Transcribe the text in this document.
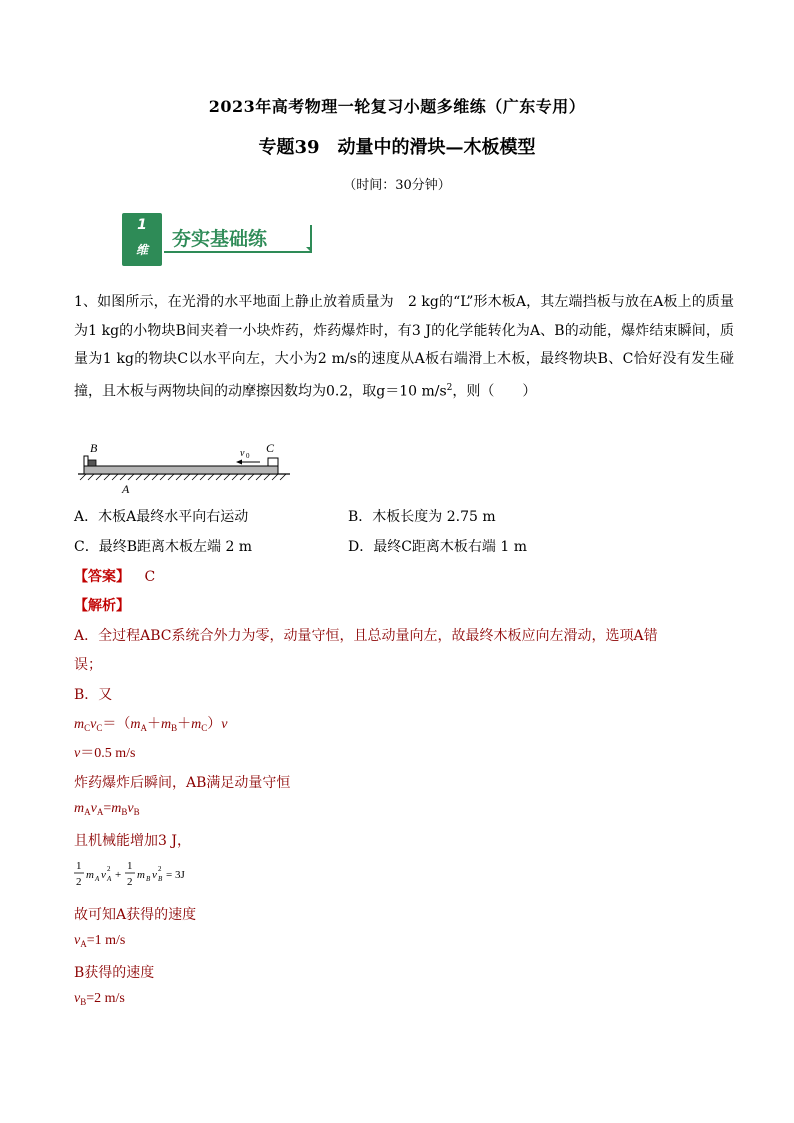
2023年高考物理一轮复习小题多维练（广东专用）
专题39　动量中的滑块—木板模型
（时间：30分钟）
1
维	夯实基础练
1、如图所示，在光滑的水平地面上静止放着质量为　2 kg的“L”形木板A，其左端挡板与放在A板上的质量为1 kg的小物块B间夹着一小块炸药，炸药爆炸时，有3 J的化学能转化为A、B的动能，爆炸结束瞬间，质量为1 kg的物块C以水平向左，大小为2 m/s的速度从A板右端滑上木板，最终物块B、C恰好没有发生碰撞，且木板与两物块间的动摩擦因数均为0.2，取g＝10 $m/s^2$，则（　　）
B	C
v 0
A
A．木板A最终水平向右运动	B．木板长度为 2.75 m
C．最终B距离木板左端 2 m	D．最终C距离木板右端 1 m
【答案】 C
【解析】
A．全过程ABC系统合外力为零，动量守恒，且总动量向左，故最终木板应向左滑动，选项A错
误；
B．又
$m_Cv_C=(m_A+m_B+m_C)v$
v＝0.5 m/s
炸药爆炸后瞬间，AB满足动量守恒
$m_Av_A=m_Bv_B$
且机械能增加3 J，
1
2
m A v A
2 +
1
2
m B v B
2 = 3J
故可知A获得的速度
$v_A=1$ m/s
B获得的速度
$v_B=2$ m/s
